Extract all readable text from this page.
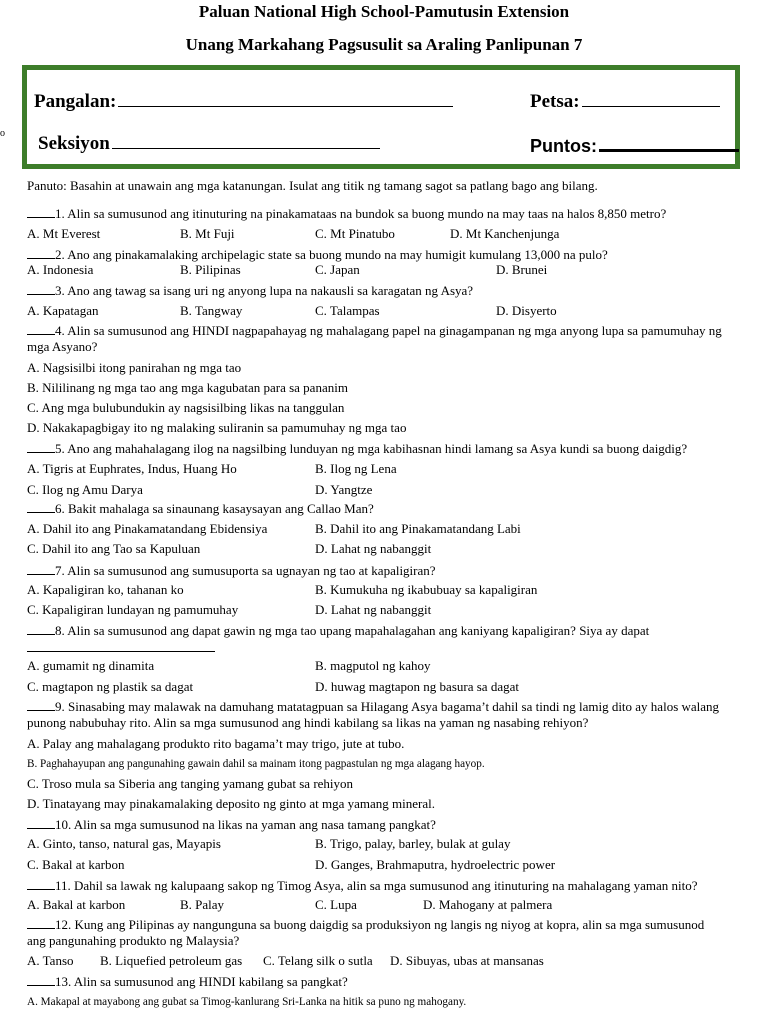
Paluan National High School-Pamutusin Extension
Unang Markahang Pagsusulit sa Araling Panlipunan 7
o
Pangalan:	Petsa:
Seksiyon	Puntos:
Panuto: Basahin at unawain ang mga katanungan. Isulat ang titik ng tamang sagot sa patlang bago ang bilang.
1. Alin sa sumusunod ang itinuturing na pinakamataas na bundok sa buong mundo na may taas na halos 8,850 metro?
A. Mt Everest	B. Mt Fuji	C. Mt Pinatubo	D. Mt Kanchenjunga
2. Ano ang pinakamalaking archipelagic state sa buong mundo na may humigit kumulang 13,000 na pulo?
A. Indonesia	B. Pilipinas	C. Japan	D. Brunei
3. Ano ang tawag sa isang uri ng anyong lupa na nakausli sa karagatan ng Asya?
A. Kapatagan	B. Tangway	C. Talampas	D. Disyerto
4. Alin sa sumusunod ang HINDI nagpapahayag ng mahalagang papel na ginagampanan ng mga anyong lupa sa pamumuhay ng
mga Asyano?
A. Nagsisilbi itong panirahan ng mga tao
B. Nililinang ng mga tao ang mga kagubatan para sa pananim
C. Ang mga bulubundukin ay nagsisilbing likas na tanggulan
D. Nakakapagbigay ito ng malaking suliranin sa pamumuhay ng mga tao
5. Ano ang mahahalagang ilog na nagsilbing lunduyan ng mga kabihasnan hindi lamang sa Asya kundi sa buong daigdig?
A. Tigris at Euphrates, Indus, Huang Ho	B. Ilog ng Lena
C. Ilog ng Amu Darya	D. Yangtze
6. Bakit mahalaga sa sinaunang kasaysayan ang Callao Man?
A. Dahil ito ang Pinakamatandang Ebidensiya	B. Dahil ito ang Pinakamatandang Labi
C. Dahil ito ang Tao sa Kapuluan	D. Lahat ng nabanggit
7. Alin sa sumusunod ang sumusuporta sa ugnayan ng tao at kapaligiran?
A. Kapaligiran ko, tahanan ko	B. Kumukuha ng ikabubuay sa kapaligiran
C. Kapaligiran lundayan ng pamumuhay	D. Lahat ng nabanggit
8. Alin sa sumusunod ang dapat gawin ng mga tao upang mapahalagahan ang kaniyang kapaligiran? Siya ay dapat
A. gumamit ng dinamita	B. magputol ng kahoy
C. magtapon ng plastik sa dagat	D. huwag magtapon ng basura sa dagat
9. Sinasabing may malawak na damuhang matatagpuan sa Hilagang Asya bagama’t dahil sa tindi ng lamig dito ay halos walang
punong nabubuhay rito. Alin sa mga sumusunod ang hindi kabilang sa likas na yaman ng nasabing rehiyon?
A. Palay ang mahalagang produkto rito bagama’t may trigo, jute at tubo.
B. Paghahayupan ang pangunahing gawain dahil sa mainam itong pagpastulan ng mga alagang hayop.
C. Troso mula sa Siberia ang tanging yamang gubat sa rehiyon
D. Tinatayang may pinakamalaking deposito ng ginto at mga yamang mineral.
10. Alin sa mga sumusunod na likas na yaman ang nasa tamang pangkat?
A. Ginto, tanso, natural gas, Mayapis	B. Trigo, palay, barley, bulak at gulay
C. Bakal at karbon	D. Ganges, Brahmaputra, hydroelectric power
11. Dahil sa lawak ng kalupaang sakop ng Timog Asya, alin sa mga sumusunod ang itinuturing na mahalagang yaman nito?
A. Bakal at karbon	B. Palay	C. Lupa	D. Mahogany at palmera
12. Kung ang Pilipinas ay nangunguna sa buong daigdig sa produksiyon ng langis ng niyog at kopra, alin sa mga sumusunod
ang pangunahing produkto ng Malaysia?
A. Tanso B. Liquefied petroleum gas C. Telang silk o sutla D. Sibuyas, ubas at mansanas
13. Alin sa sumusunod ang HINDI kabilang sa pangkat?
A. Makapal at mayabong ang gubat sa Timog-kanlurang Sri-Lanka na hitik sa puno ng mahogany.
